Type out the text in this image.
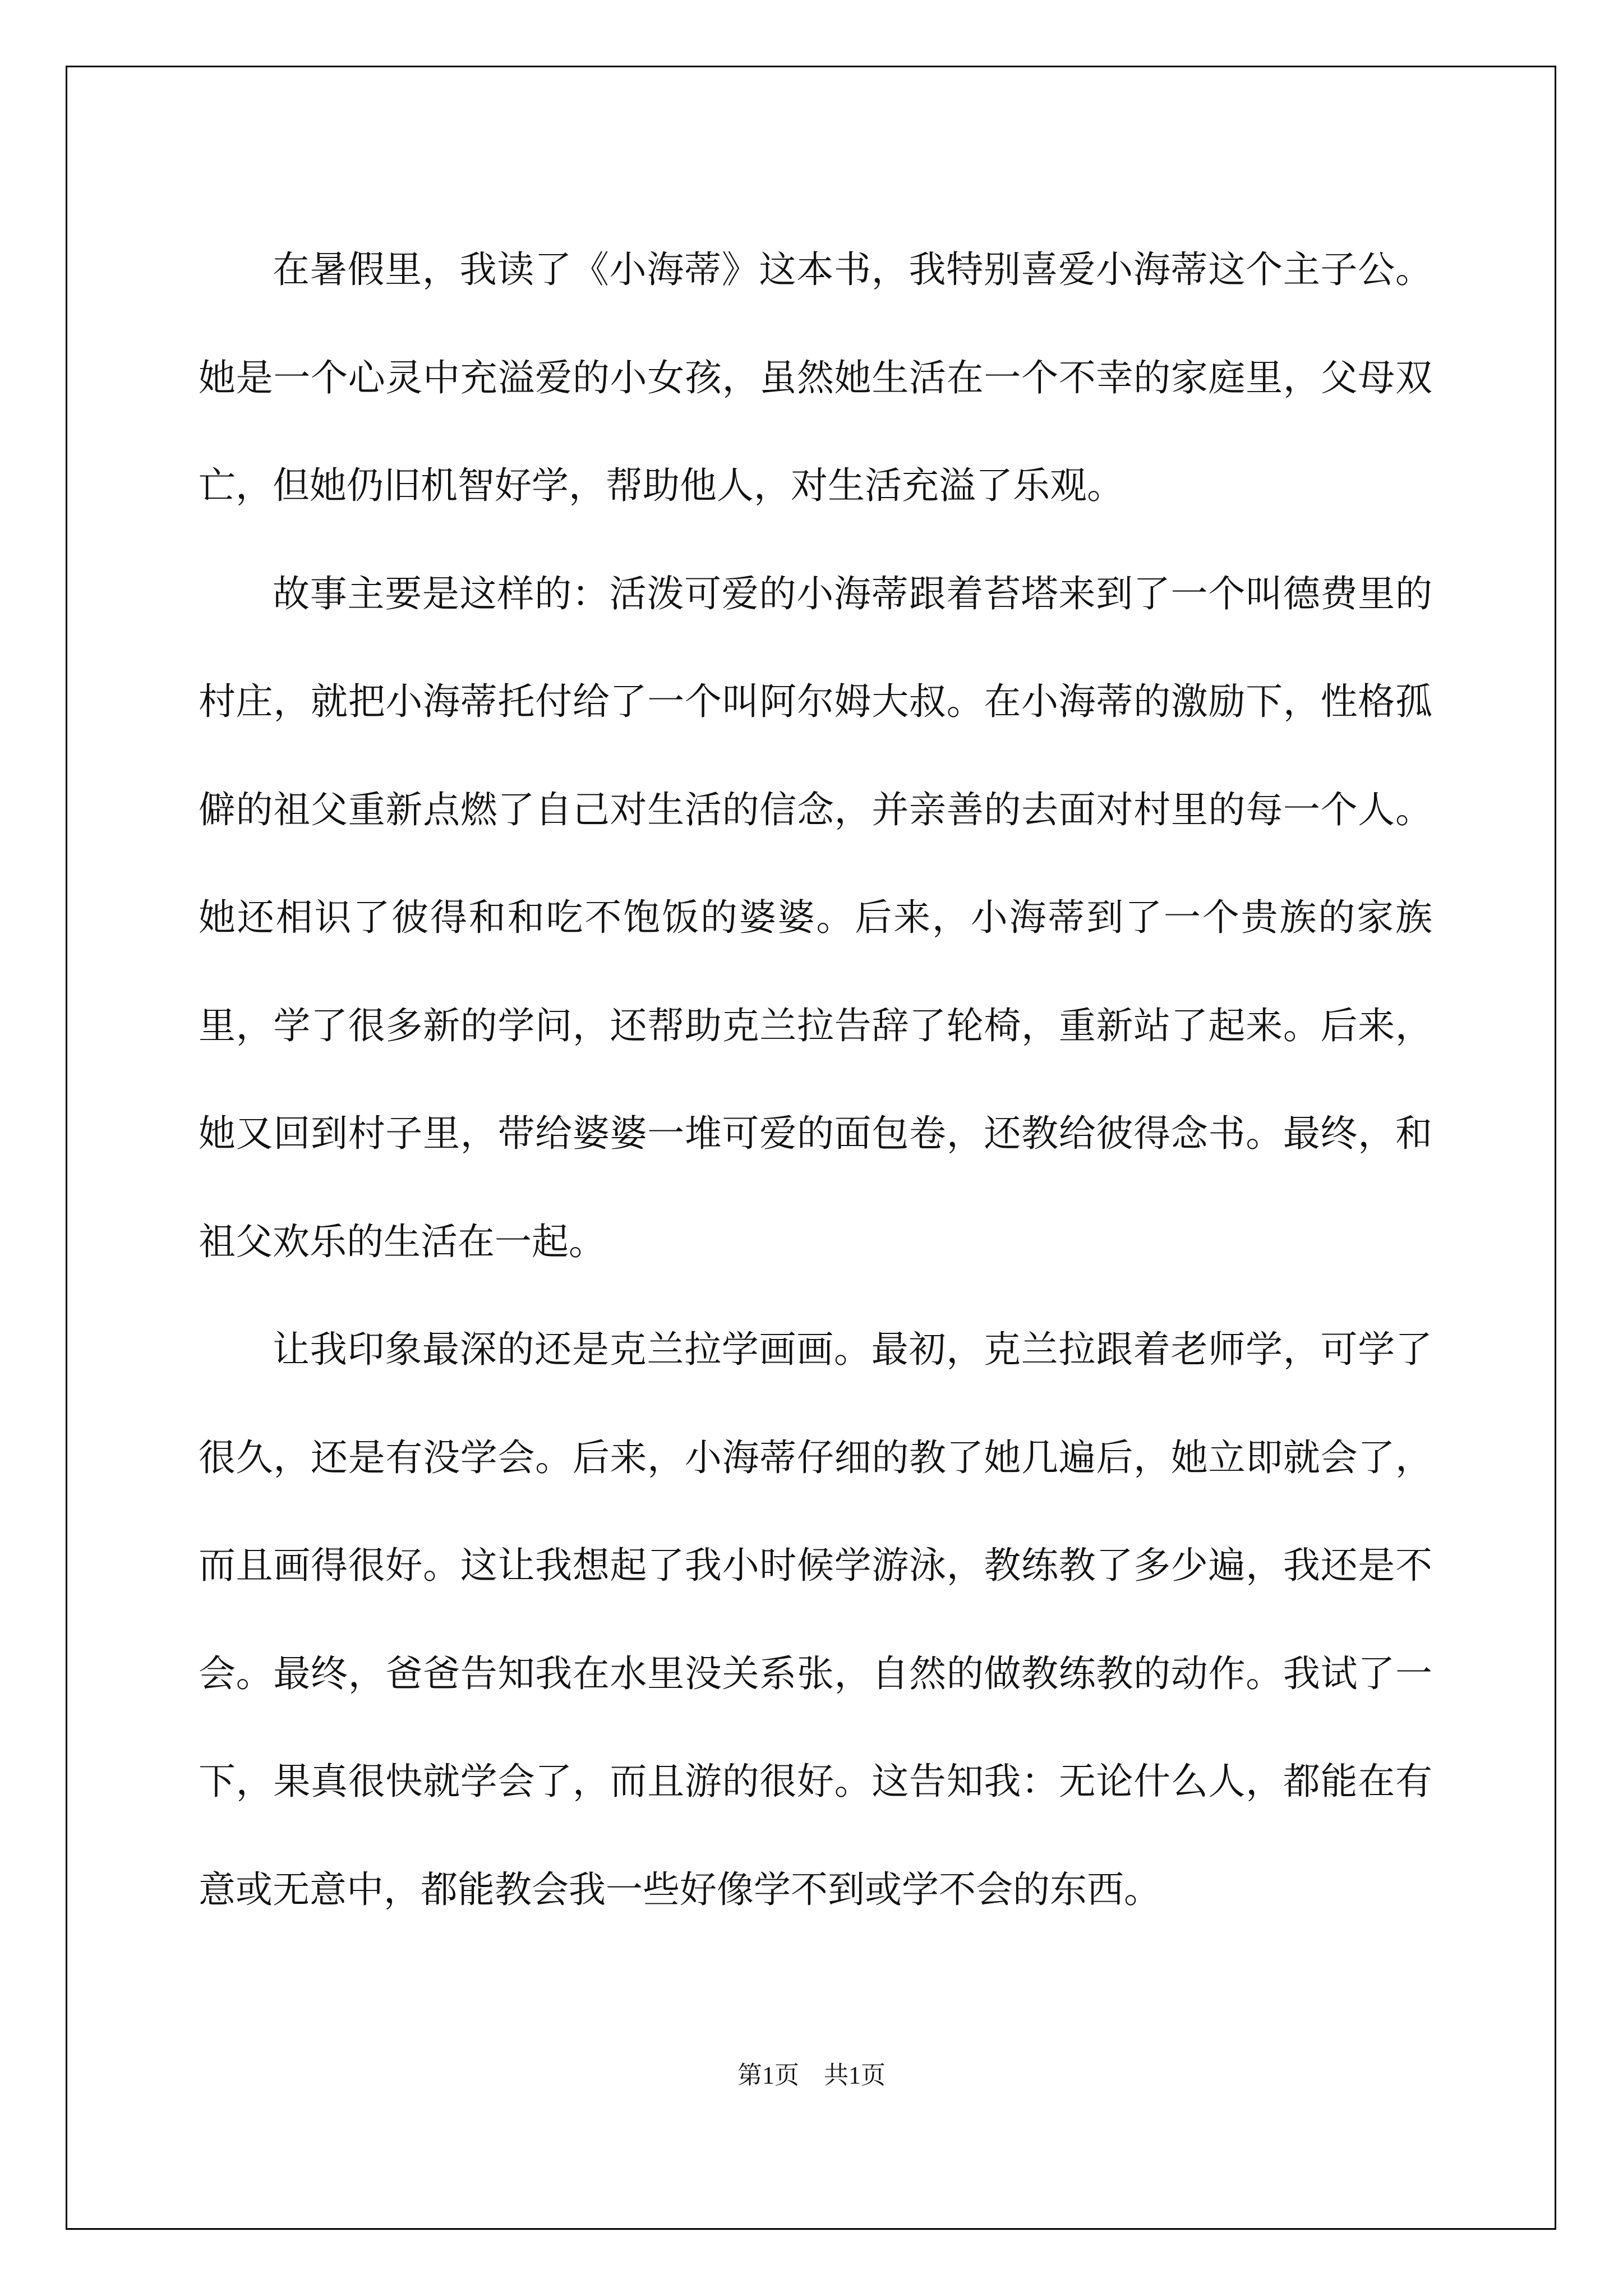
在暑假里，我读了《小海蒂》这本书，我特别喜爱小海蒂这个主子公。她是一个心灵中充溢爱的小女孩，虽然她生活在一个不幸的家庭里，父母双亡，但她仍旧机智好学，帮助他人，对生活充溢了乐观。

故事主要是这样的：活泼可爱的小海蒂跟着苔塔来到了一个叫德费里的村庄，就把小海蒂托付给了一个叫阿尔姆大叔。在小海蒂的激励下，性格孤僻的祖父重新点燃了自己对生活的信念，并亲善的去面对村里的每一个人。她还相识了彼得和和吃不饱饭的婆婆。后来，小海蒂到了一个贵族的家族里，学了很多新的学问，还帮助克兰拉告辞了轮椅，重新站了起来。后来，她又回到村子里，带给婆婆一堆可爱的面包卷，还教给彼得念书。最终，和祖父欢乐的生活在一起。

让我印象最深的还是克兰拉学画画。最初，克兰拉跟着老师学，可学了很久，还是有没学会。后来，小海蒂仔细的教了她几遍后，她立即就会了，而且画得很好。这让我想起了我小时候学游泳，教练教了多少遍，我还是不会。最终，爸爸告知我在水里没关系张，自然的做教练教的动作。我试了一下，果真很快就学会了，而且游的很好。这告知我：无论什么人，都能在有意或无意中，都能教会我一些好像学不到或学不会的东西。

第1页 共1页
